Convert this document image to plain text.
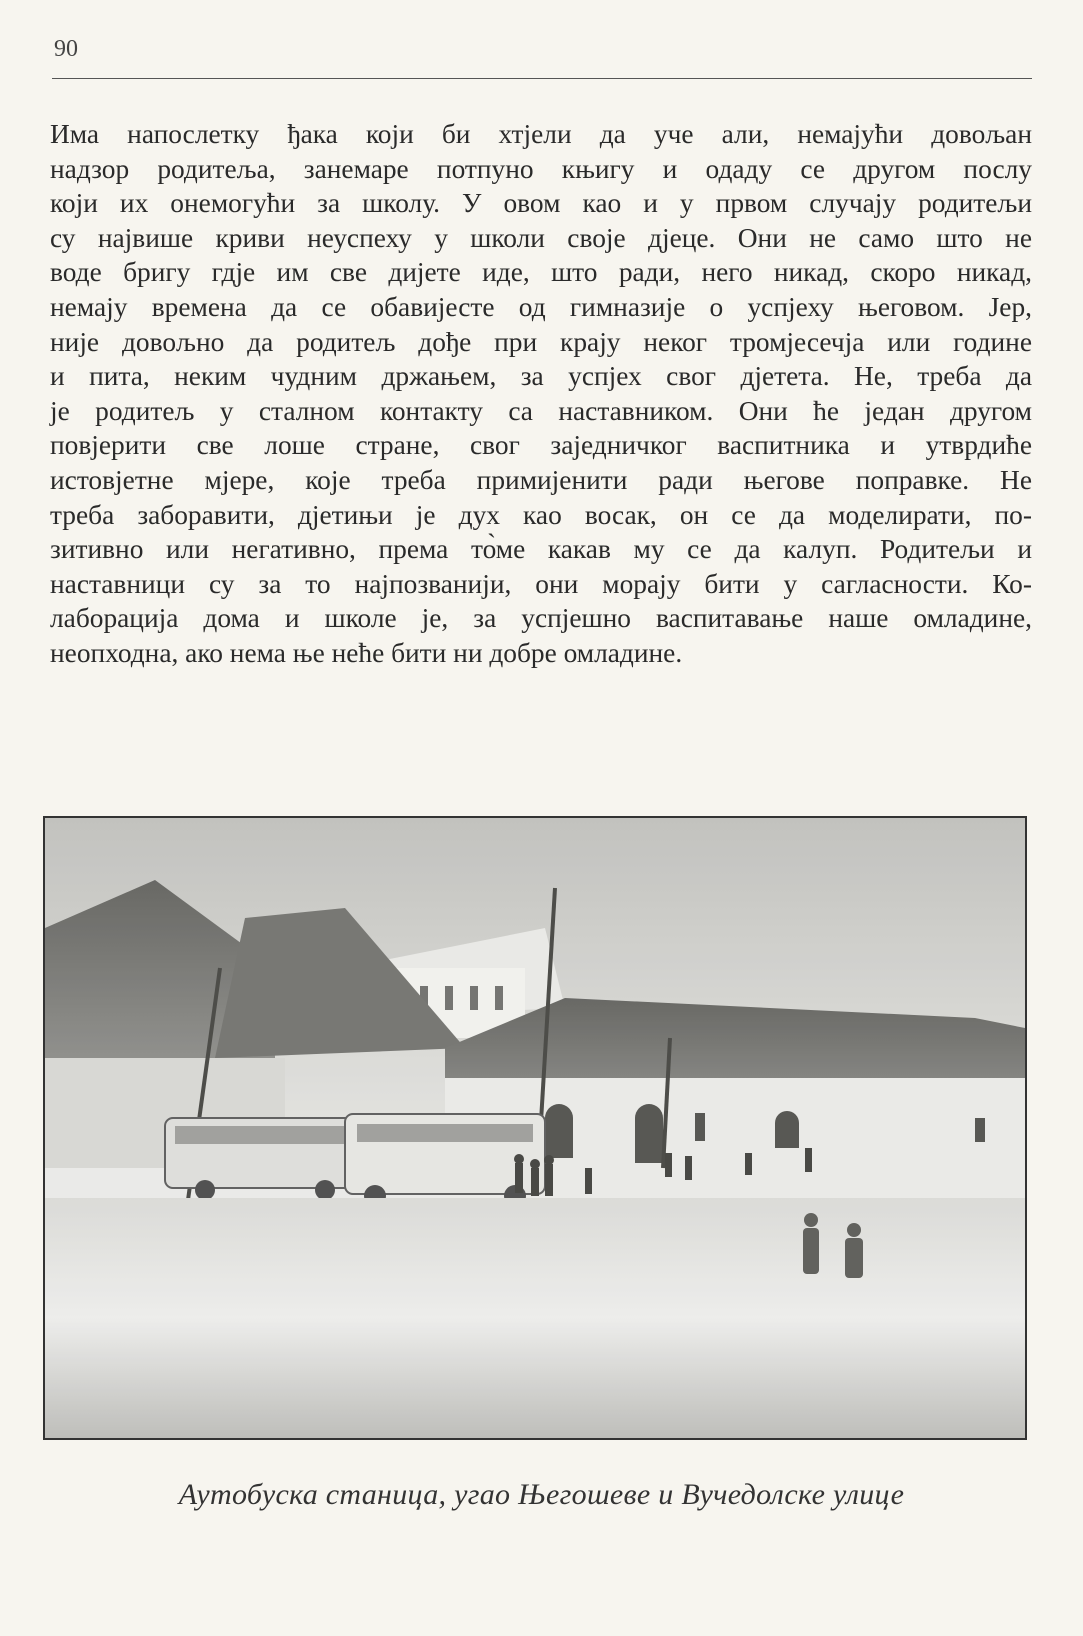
90
Има напослетку ђака који би хтјели да уче али, немајући довољан
надзор родитеља, занемаре потпуно књигу и одаду се другом послу
који их онемогући за школу. У овом као и у првом случају родитељи
су највише криви неуспеху у школи своје дјеце. Они не само што не
воде бригу гдје им све дијете иде, што ради, него никад, скоро никад,
немају времена да се обавијесте од гимназије о успјеху његовом. Јер,
није довољно да родитељ дође при крају неког тромјесечја или године
и пита, неким чудним држањем, за успјех свог дјетета. Не, треба да
је родитељ у сталном контакту са наставником. Они ће један другом
повјерити све лоше стране, свог заједничког васпитника и утврдиће
истовјетне мјере, које треба примијенити ради његове поправке. Не
треба заборавити, дјетињи је дух као восак, он се да моделирати, по-
зитивно или негативно, према то̀ме какав му се да калуп. Родитељи и
наставници су за то најпозванији, они морају бити у сагласности. Ко-
лаборација дома и школе је, за успјешно васпитавање наше омладине,
неопходна, ако нема ње неће бити ни добре омладине.
Аутобуска станица, угао Његошеве и Вучедолске улице
